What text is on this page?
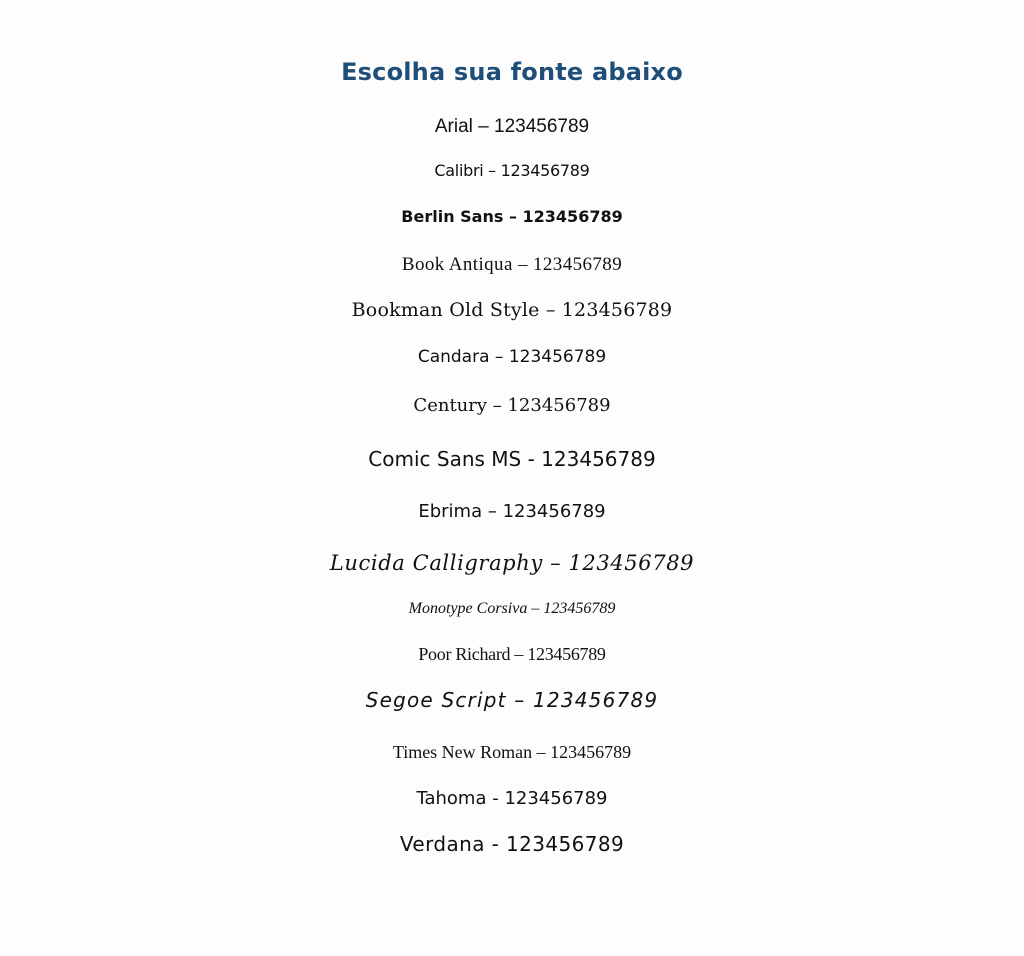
Escolha sua fonte abaixo
Arial – 123456789
Calibri – 123456789
Berlin Sans – 123456789
Book Antiqua – 123456789
Bookman Old Style – 123456789
Candara – 123456789
Century – 123456789
Comic Sans MS - 123456789
Ebrima – 123456789
Lucida Calligraphy – 123456789
Monotype Corsiva – 123456789
Poor Richard – 123456789
Segoe Script – 123456789
Times New Roman – 123456789
Tahoma - 123456789
Verdana - 123456789
